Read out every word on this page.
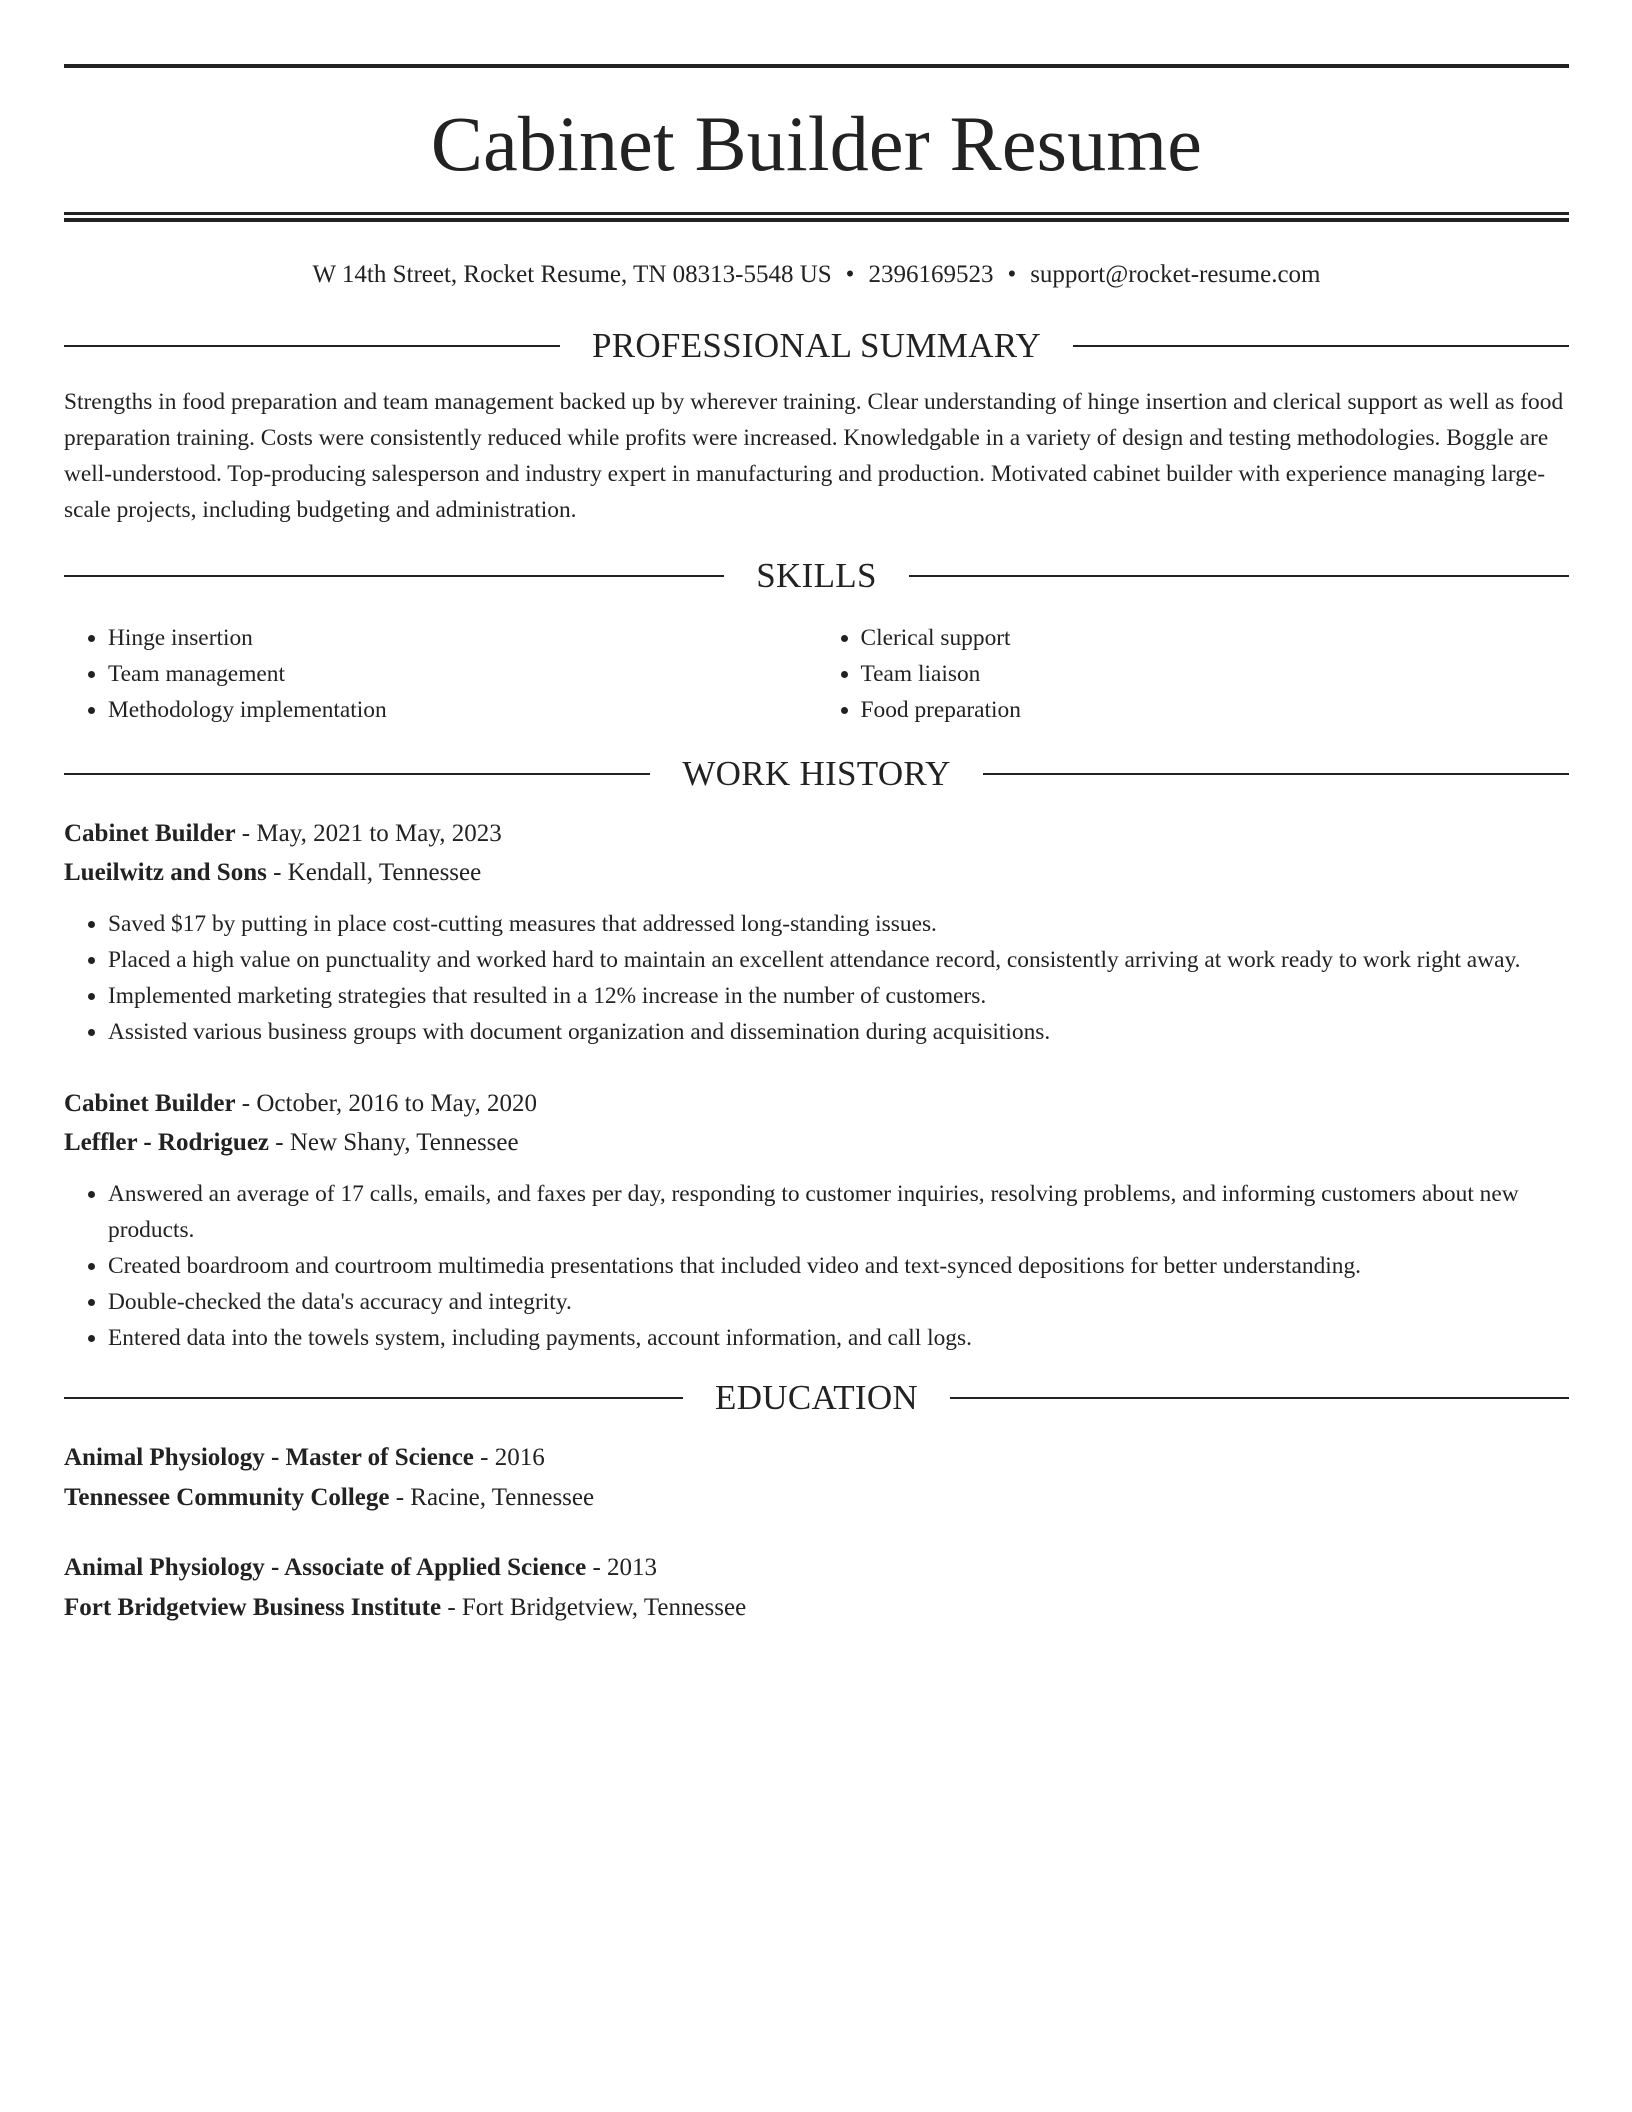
Cabinet Builder Resume
W 14th Street, Rocket Resume, TN 08313-5548 US • 2396169523 • support@rocket-resume.com
PROFESSIONAL SUMMARY

Strengths in food preparation and team management backed up by wherever training. Clear understanding of hinge insertion and clerical support as well as food preparation training. Costs were consistently reduced while profits were increased. Knowledgable in a variety of design and testing methodologies. Boggle are well-understood. Top-producing salesperson and industry expert in manufacturing and production. Motivated cabinet builder with experience managing large-scale projects, including budgeting and administration.

SKILLS
• Hinge insertion
• Team management
• Methodology implementation
• Clerical support
• Team liaison
• Food preparation
WORK HISTORY
Cabinet Builder - May, 2021 to May, 2023
Lueilwitz and Sons - Kendall, Tennessee
• Saved $17 by putting in place cost-cutting measures that addressed long-standing issues.
• Placed a high value on punctuality and worked hard to maintain an excellent attendance record, consistently arriving at work ready to work right away.
• Implemented marketing strategies that resulted in a 12% increase in the number of customers.
• Assisted various business groups with document organization and dissemination during acquisitions.
Cabinet Builder - October, 2016 to May, 2020
Leffler - Rodriguez - New Shany, Tennessee
• Answered an average of 17 calls, emails, and faxes per day, responding to customer inquiries, resolving problems, and informing customers about new products.
• Created boardroom and courtroom multimedia presentations that included video and text-synced depositions for better understanding.
• Double-checked the data's accuracy and integrity.
• Entered data into the towels system, including payments, account information, and call logs.
EDUCATION
Animal Physiology - Master of Science - 2016
Tennessee Community College - Racine, Tennessee
Animal Physiology - Associate of Applied Science - 2013
Fort Bridgetview Business Institute - Fort Bridgetview, Tennessee
